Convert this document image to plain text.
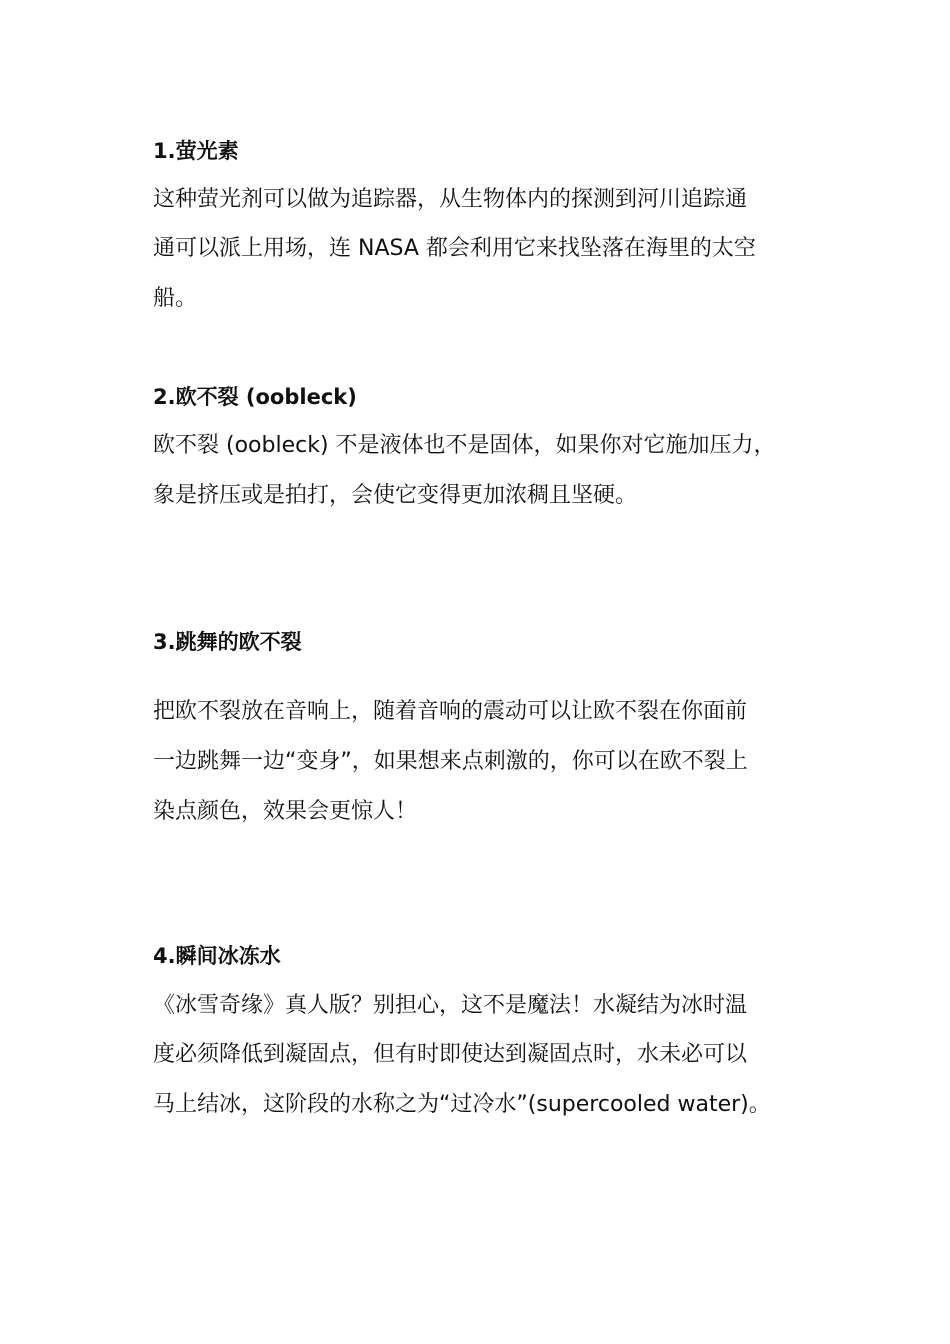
1.萤光素
这种萤光剂可以做为追踪器，从生物体内的探测到河川追踪通
通可以派上用场，连 NASA 都会利用它来找坠落在海里的太空
船。
2.欧不裂 (oobleck)
欧不裂 (oobleck) 不是液体也不是固体，如果你对它施加压力，
象是挤压或是拍打，会使它变得更加浓稠且坚硬。
3.跳舞的欧不裂
把欧不裂放在音响上，随着音响的震动可以让欧不裂在你面前
一边跳舞一边“变身”，如果想来点刺激的，你可以在欧不裂上
染点颜色，效果会更惊人！
4.瞬间冰冻水
《冰雪奇缘》真人版？别担心，这不是魔法！水凝结为冰时温
度必须降低到凝固点，但有时即使达到凝固点时，水未必可以
马上结冰，这阶段的水称之为“过冷水”(supercooled water)。
